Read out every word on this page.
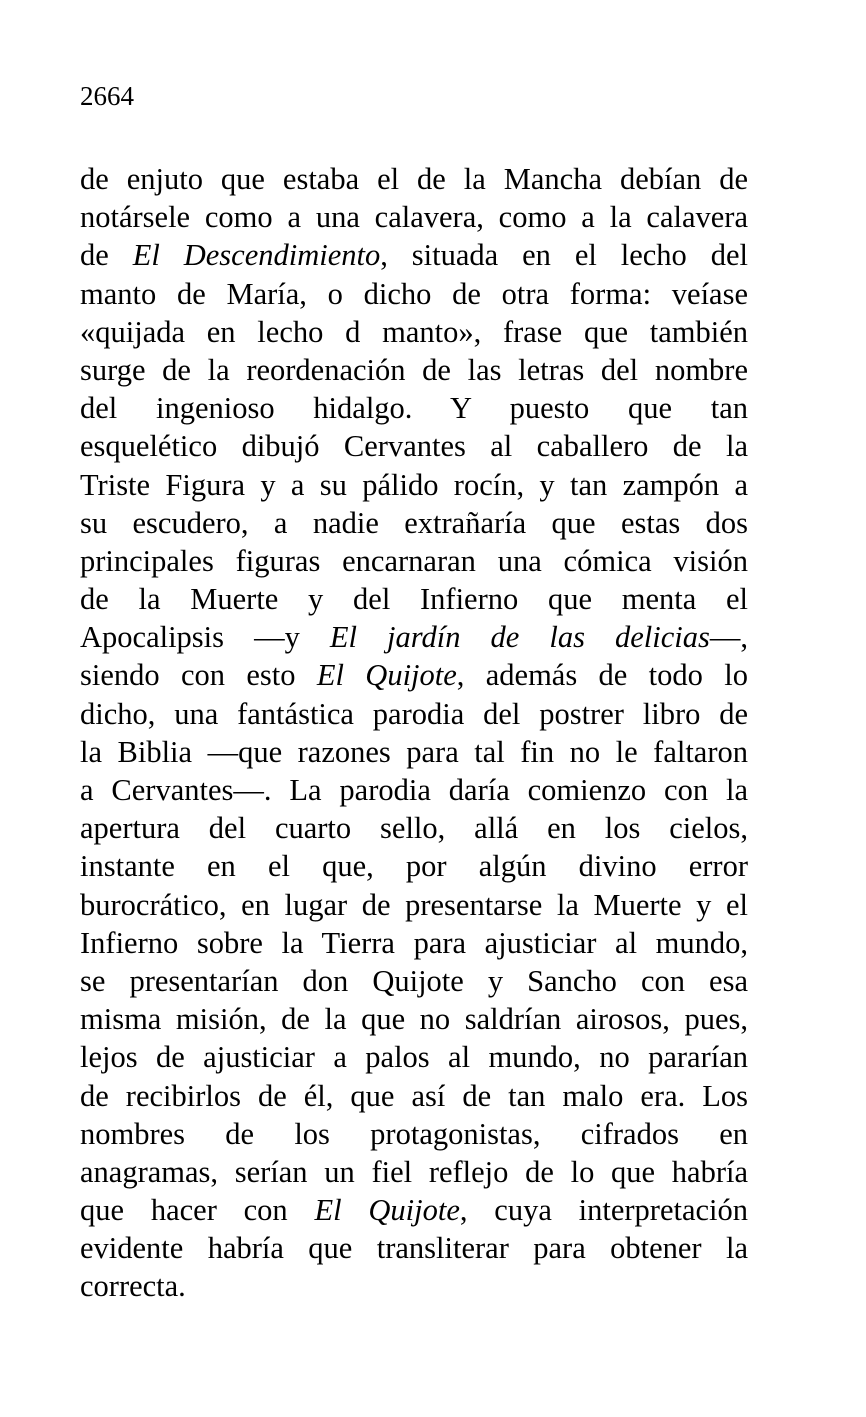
2664

de enjuto que estaba el de la Mancha debían de
notársele como a una calavera, como a la calavera
de El Descendimiento, situada en el lecho del
manto de María, o dicho de otra forma: veíase
«quijada en lecho d manto», frase que también
surge de la reordenación de las letras del nombre
del ingenioso hidalgo. Y puesto que tan
esquelético dibujó Cervantes al caballero de la
Triste Figura y a su pálido rocín, y tan zampón a
su escudero, a nadie extrañaría que estas dos
principales figuras encarnaran una cómica visión
de la Muerte y del Infierno que menta el
Apocalipsis —y El jardín de las delicias—,
siendo con esto El Quijote, además de todo lo
dicho, una fantástica parodia del postrer libro de
la Biblia —que razones para tal fin no le faltaron
a Cervantes—. La parodia daría comienzo con la
apertura del cuarto sello, allá en los cielos,
instante en el que, por algún divino error
burocrático, en lugar de presentarse la Muerte y el
Infierno sobre la Tierra para ajusticiar al mundo,
se presentarían don Quijote y Sancho con esa
misma misión, de la que no saldrían airosos, pues,
lejos de ajusticiar a palos al mundo, no pararían
de recibirlos de él, que así de tan malo era. Los
nombres de los protagonistas, cifrados en
anagramas, serían un fiel reflejo de lo que habría
que hacer con El Quijote, cuya interpretación
evidente habría que transliterar para obtener la
correcta.
